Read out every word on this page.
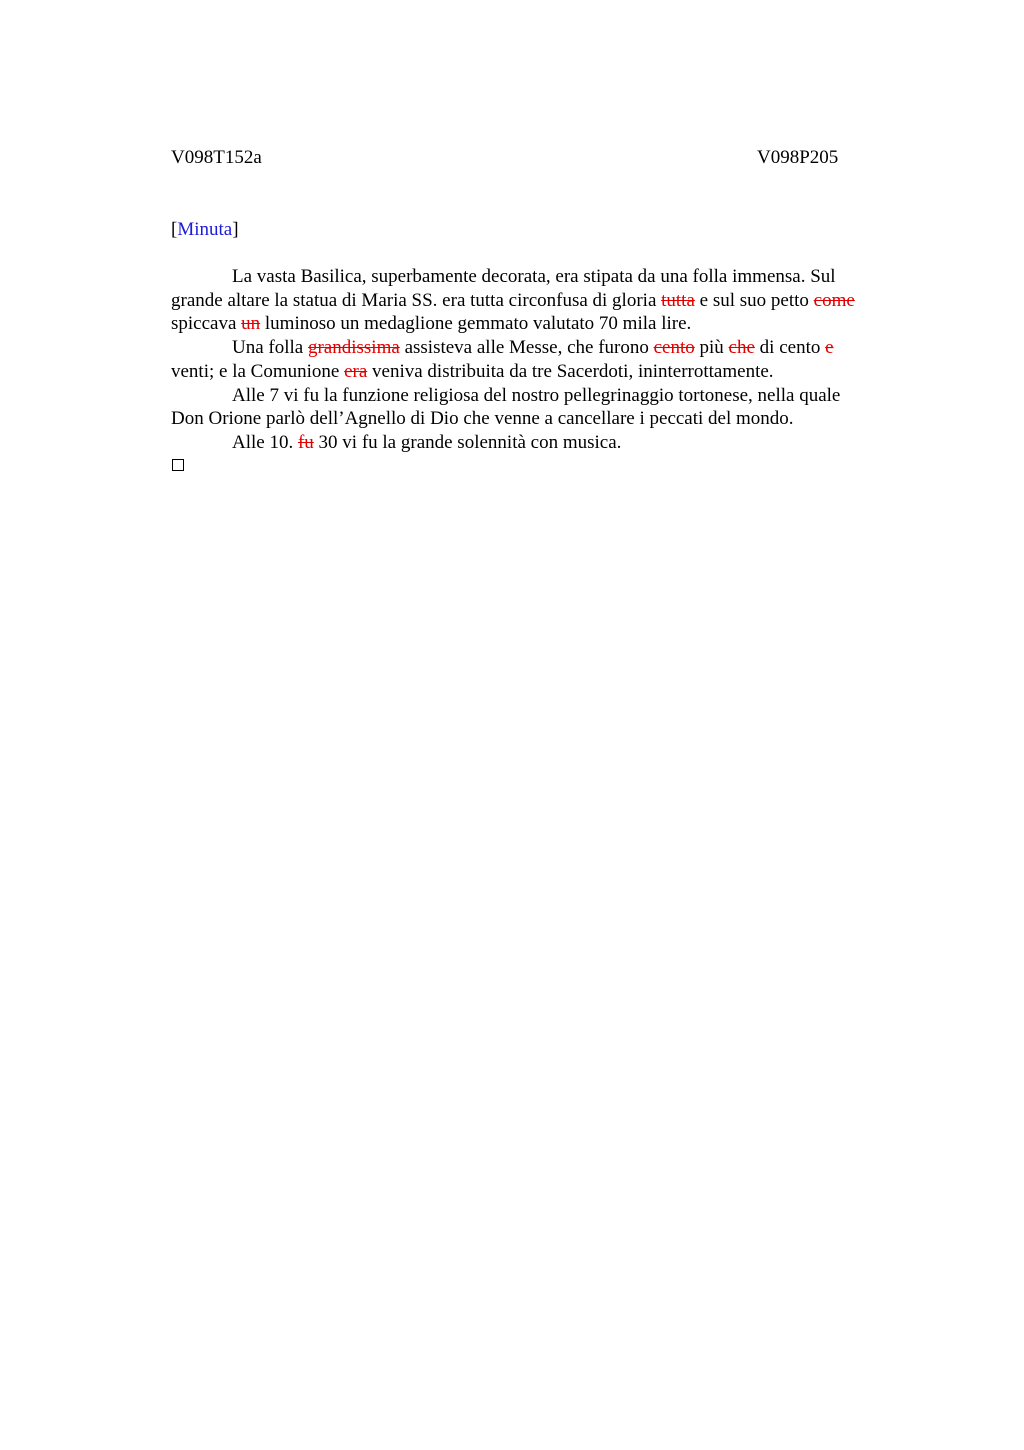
V098T152a	V098P205
[Minuta]
La vasta Basilica, superbamente decorata, era stipata da una folla immensa. Sul
grande altare la statua di Maria SS. era tutta circonfusa di gloria tutta e sul suo petto come
spiccava un luminoso un medaglione gemmato valutato 70 mila lire.
Una folla grandissima assisteva alle Messe, che furono cento più che di cento e
venti; e la Comunione era veniva distribuita da tre Sacerdoti, ininterrottamente.
Alle 7 vi fu la funzione religiosa del nostro pellegrinaggio tortonese, nella quale
Don Orione parlò dell’Agnello di Dio che venne a cancellare i peccati del mondo.
Alle 10. fu 30 vi fu la grande solennità con musica.
